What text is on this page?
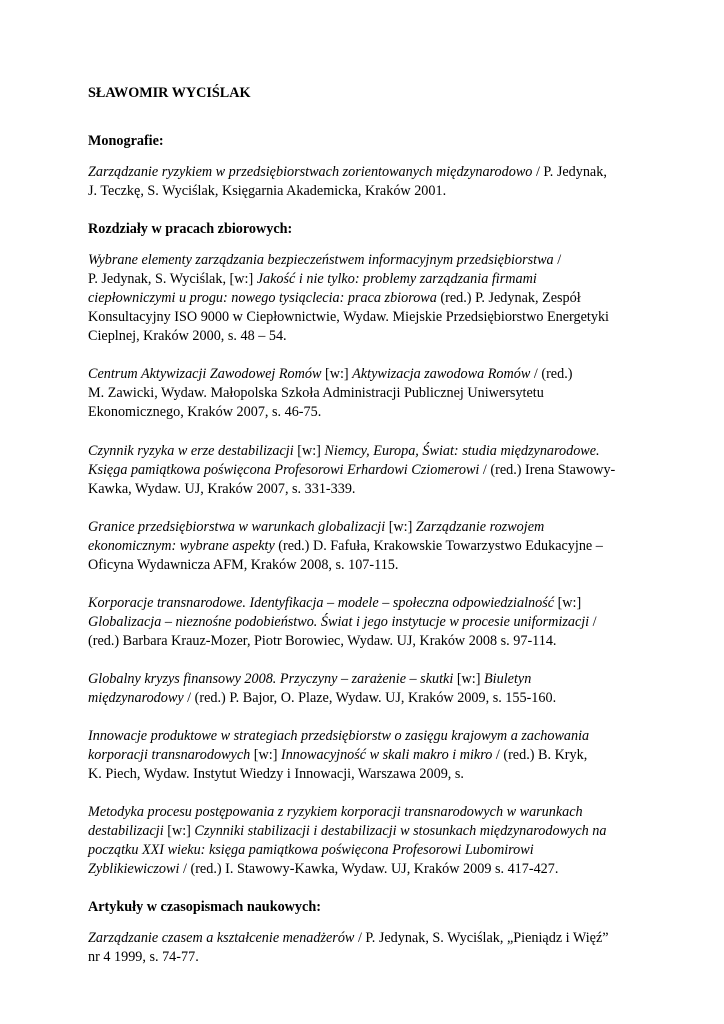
SŁAWOMIR WYCIŚLAK
Monografie:
Zarządzanie ryzykiem w przedsiębiorstwach zorientowanych międzynarodowo / P. Jedynak,
J. Teczkę, S. Wyciślak, Księgarnia Akademicka, Kraków 2001.
Rozdziały w pracach zbiorowych:
Wybrane elementy zarządzania bezpieczeństwem informacyjnym przedsiębiorstwa /
P. Jedynak, S. Wyciślak, [w:] Jakość i nie tylko: problemy zarządzania firmami
ciepłowniczymi u progu: nowego tysiąclecia: praca zbiorowa (red.) P. Jedynak, Zespół
Konsultacyjny ISO 9000 w Ciepłownictwie, Wydaw. Miejskie Przedsiębiorstwo Energetyki
Cieplnej, Kraków 2000, s. 48 – 54.
Centrum Aktywizacji Zawodowej Romów [w:] Aktywizacja zawodowa Romów / (red.)
M. Zawicki, Wydaw. Małopolska Szkoła Administracji Publicznej Uniwersytetu
Ekonomicznego, Kraków 2007, s. 46-75.
Czynnik ryzyka w erze destabilizacji [w:] Niemcy, Europa, Świat: studia międzynarodowe.
Księga pamiątkowa poświęcona Profesorowi Erhardowi Cziomerowi / (red.) Irena Stawowy-
Kawka, Wydaw. UJ, Kraków 2007, s. 331-339.
Granice przedsiębiorstwa w warunkach globalizacji [w:] Zarządzanie rozwojem
ekonomicznym: wybrane aspekty (red.) D. Fafuła, Krakowskie Towarzystwo Edukacyjne –
Oficyna Wydawnicza AFM, Kraków 2008, s. 107-115.
Korporacje transnarodowe. Identyfikacja – modele – społeczna odpowiedzialność [w:]
Globalizacja – nieznośne podobieństwo. Świat i jego instytucje w procesie uniformizacji /
(red.) Barbara Krauz-Mozer, Piotr Borowiec, Wydaw. UJ, Kraków 2008 s. 97-114.
Globalny kryzys finansowy 2008. Przyczyny – zarażenie – skutki [w:] Biuletyn
międzynarodowy / (red.) P. Bajor, O. Plaze, Wydaw. UJ, Kraków 2009, s. 155-160.
Innowacje produktowe w strategiach przedsiębiorstw o zasięgu krajowym a zachowania
korporacji transnarodowych [w:] Innowacyjność w skali makro i mikro / (red.) B. Kryk,
K. Piech, Wydaw. Instytut Wiedzy i Innowacji, Warszawa 2009, s.
Metodyka procesu postępowania z ryzykiem korporacji transnarodowych w warunkach
destabilizacji [w:] Czynniki stabilizacji i destabilizacji w stosunkach międzynarodowych na
początku XXI wieku: księga pamiątkowa poświęcona Profesorowi Lubomirowi
Zyblikiewiczowi / (red.) I. Stawowy-Kawka, Wydaw. UJ, Kraków 2009 s. 417-427.
Artykuły w czasopismach naukowych:
Zarządzanie czasem a kształcenie menadżerów / P. Jedynak, S. Wyciślak, „Pieniądz i Więź”
nr 4 1999, s. 74-77.
